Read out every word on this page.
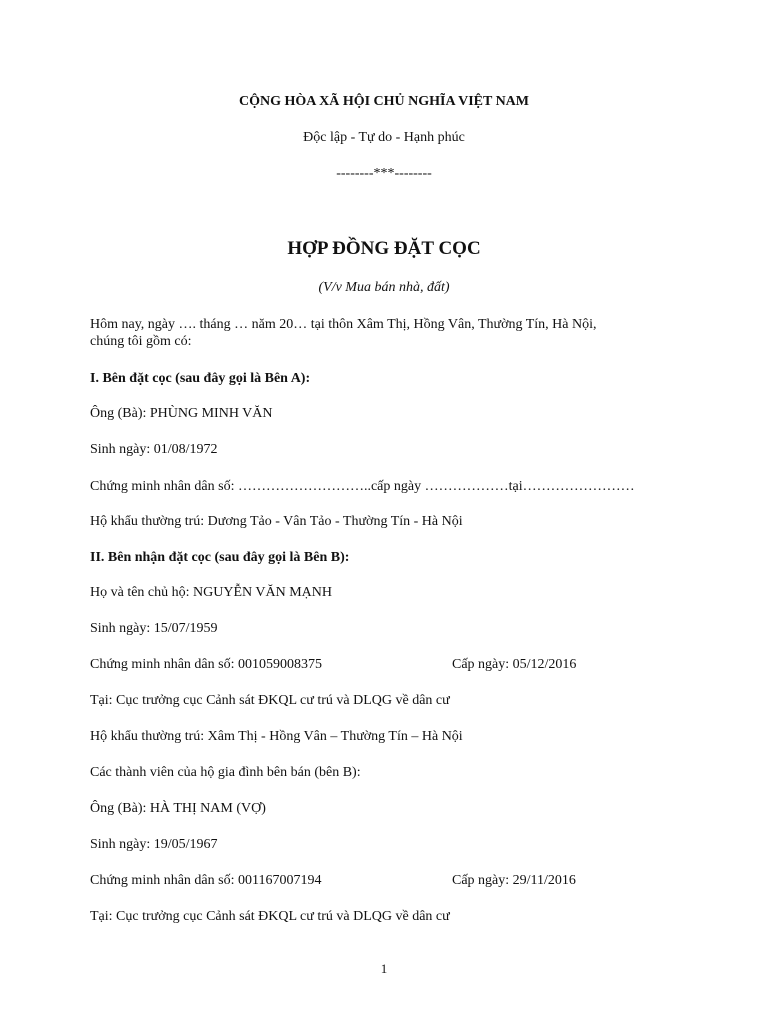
CỘNG HÒA XÃ HỘI CHỦ NGHĨA VIỆT NAM
Độc lập - Tự do - Hạnh phúc
--------***--------
HỢP ĐỒNG ĐẶT CỌC
(V/v Mua bán nhà, đất)
Hôm nay, ngày …. tháng … năm 20… tại thôn Xâm Thị, Hồng Vân, Thường Tín, Hà Nội,
chúng tôi gồm có:
I. Bên đặt cọc (sau đây gọi là Bên A):
Ông (Bà): PHÙNG MINH VĂN
Sinh ngày: 01/08/1972
Chứng minh nhân dân số: ………………………..cấp ngày ………………tại……………………
Hộ khẩu thường trú: Dương Tảo - Vân Tảo - Thường Tín - Hà Nội
II. Bên nhận đặt cọc (sau đây gọi là Bên B):
Họ và tên chủ hộ: NGUYỄN VĂN MẠNH
Sinh ngày: 15/07/1959
Chứng minh nhân dân số: 001059008375	Cấp ngày: 05/12/2016
Tại: Cục trưởng cục Cảnh sát ĐKQL cư trú và DLQG về dân cư
Hộ khẩu thường trú: Xâm Thị - Hồng Vân – Thường Tín – Hà Nội
Các thành viên của hộ gia đình bên bán (bên B):
Ông (Bà): HÀ THỊ NAM (VỢ)
Sinh ngày: 19/05/1967
Chứng minh nhân dân số: 001167007194	Cấp ngày: 29/11/2016
Tại: Cục trưởng cục Cảnh sát ĐKQL cư trú và DLQG về dân cư
1
